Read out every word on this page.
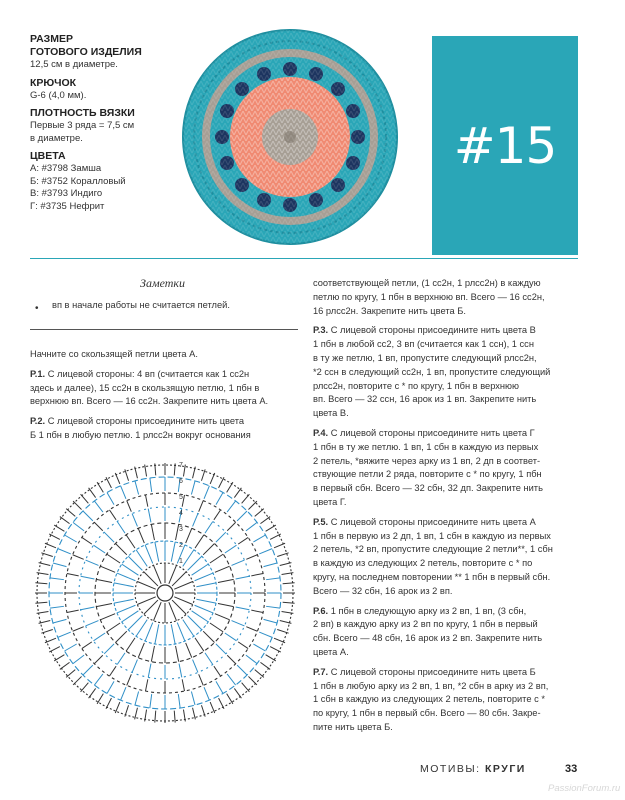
РАЗМЕР
ГОТОВОГО ИЗДЕЛИЯ
12,5 см в диаметре.
КРЮЧОК
G-6 (4,0 мм).
ПЛОТНОСТЬ ВЯЗКИ
Первые 3 ряда = 7,5 см
в диаметре.
ЦВЕТА
А: #3798 Замша
Б: #3752 Коралловый
В: #3793 Индиго
Г: #3735 Нефрит
#15
Заметки
• вп в начале работы не считается петлей.

Начните со скользящей петли цвета А.

Р.1. С лицевой стороны: 4 вп (считается как 1 сс2н
здесь и далее), 15 сс2н в скользящую петлю, 1 пбн в
верхнюю вп. Всего — 16 сс2н. Закрепите нить цвета А.

Р.2. С лицевой стороны присоедините нить цвета
Б 1 пбн в любую петлю. 1 рлсс2н вокруг основания

соответствующей петли, (1 сс2н, 1 рлсс2н) в каждую
петлю по кругу, 1 пбн в верхнюю вп. Всего — 16 сс2н,
16 рлсс2н. Закрепите нить цвета Б.

Р.3. С лицевой стороны присоедините нить цвета В
1 пбн в любой сс2, 3 вп (считается как 1 ссн), 1 ссн
в ту же петлю, 1 вп, пропустите следующий рлсс2н,
*2 ссн в следующий сс2н, 1 вп, пропустите следующий
рлсс2н, повторите с * по кругу, 1 пбн в верхнюю
вп. Всего — 32 ссн, 16 арок из 1 вп. Закрепите нить
цвета В.

Р.4. С лицевой стороны присоедините нить цвета Г
1 пбн в ту же петлю. 1 вп, 1 сбн в каждую из первых
2 петель, *вяжите через арку из 1 вп, 2 дп в соответ-
ствующие петли 2 ряда, повторите с * по кругу, 1 пбн
в первый сбн. Всего — 32 сбн, 32 дп. Закрепите нить
цвета Г.

Р.5. С лицевой стороны присоедините нить цвета А
1 пбн в первую из 2 дп, 1 вп, 1 сбн в каждую из первых
2 петель, *2 вп, пропустите следующие 2 петли**, 1 сбн
в каждую из следующих 2 петель, повторите с * по
кругу, на последнем повторении ** 1 пбн в первый сбн.
Всего — 32 сбн, 16 арок из 2 вп.

Р.6. 1 пбн в следующую арку из 2 вп, 1 вп, (3 сбн,
2 вп) в каждую арку из 2 вп по кругу, 1 пбн в первый
сбн. Всего — 48 сбн, 16 арок из 2 вп. Закрепите нить
цвета А.

Р.7. С лицевой стороны присоедините нить цвета Б
1 пбн в любую арку из 2 вп, 1 вп, *2 сбн в арку из 2 вп,
1 сбн в каждую из следующих 2 петель, повторите с *
по кругу, 1 пбн в первый сбн. Всего — 80 сбн. Закре-
пите нить цвета Б.

7
6
5
4
3
2
1
МОТИВЫ: КРУГИ	33
PassionForum.ru
